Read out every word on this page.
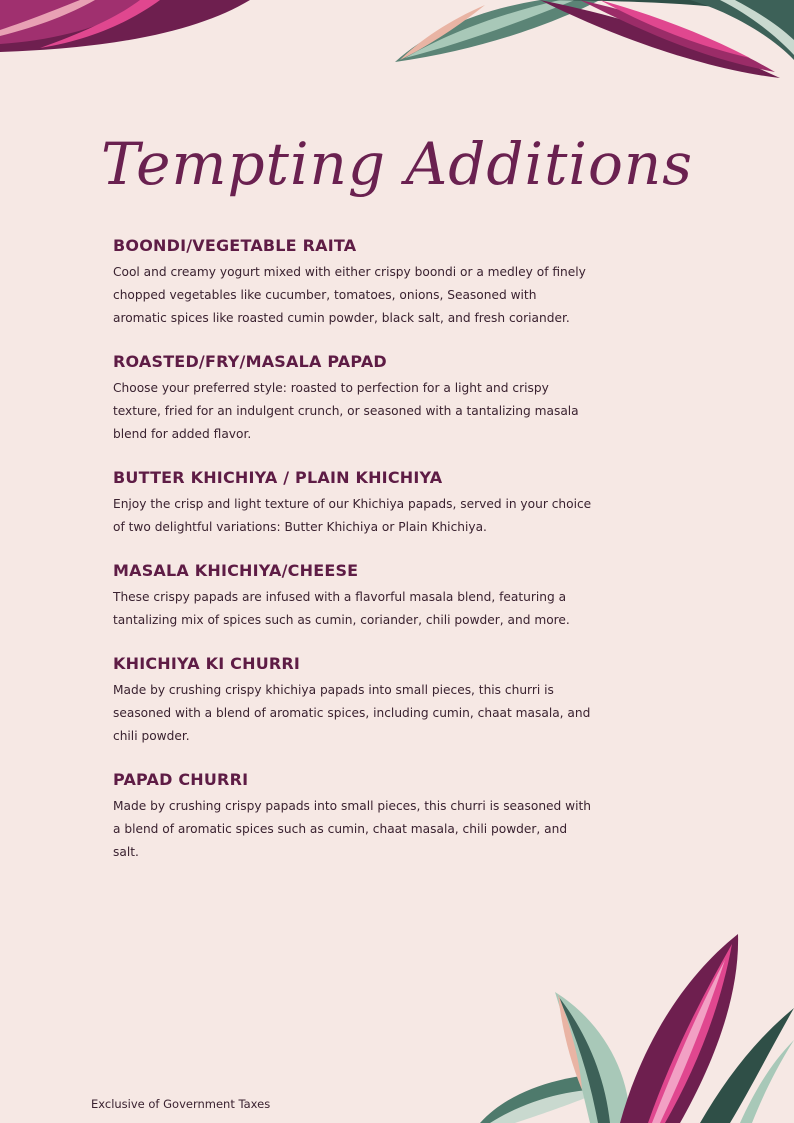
Tempting Additions
BOONDI/VEGETABLE RAITA

Cool and creamy yogurt mixed with either crispy boondi or a medley of finely chopped vegetables like cucumber, tomatoes, onions, Seasoned with aromatic spices like roasted cumin powder, black salt, and fresh coriander.

ROASTED/FRY/MASALA PAPAD

Choose your preferred style: roasted to perfection for a light and crispy texture, fried for an indulgent crunch, or seasoned with a tantalizing masala blend for added flavor.

BUTTER KHICHIYA / PLAIN KHICHIYA

Enjoy the crisp and light texture of our Khichiya papads, served in your choice of two delightful variations: Butter Khichiya or Plain Khichiya.

MASALA KHICHIYA/CHEESE

These crispy papads are infused with a flavorful masala blend, featuring a tantalizing mix of spices such as cumin, coriander, chili powder, and more.

KHICHIYA KI CHURRI

Made by crushing crispy khichiya papads into small pieces, this churri is seasoned with a blend of aromatic spices, including cumin, chaat masala, and chili powder.

PAPAD CHURRI

Made by crushing crispy papads into small pieces, this churri is seasoned with a blend of aromatic spices such as cumin, chaat masala, chili powder, and salt.

Exclusive of Government Taxes
